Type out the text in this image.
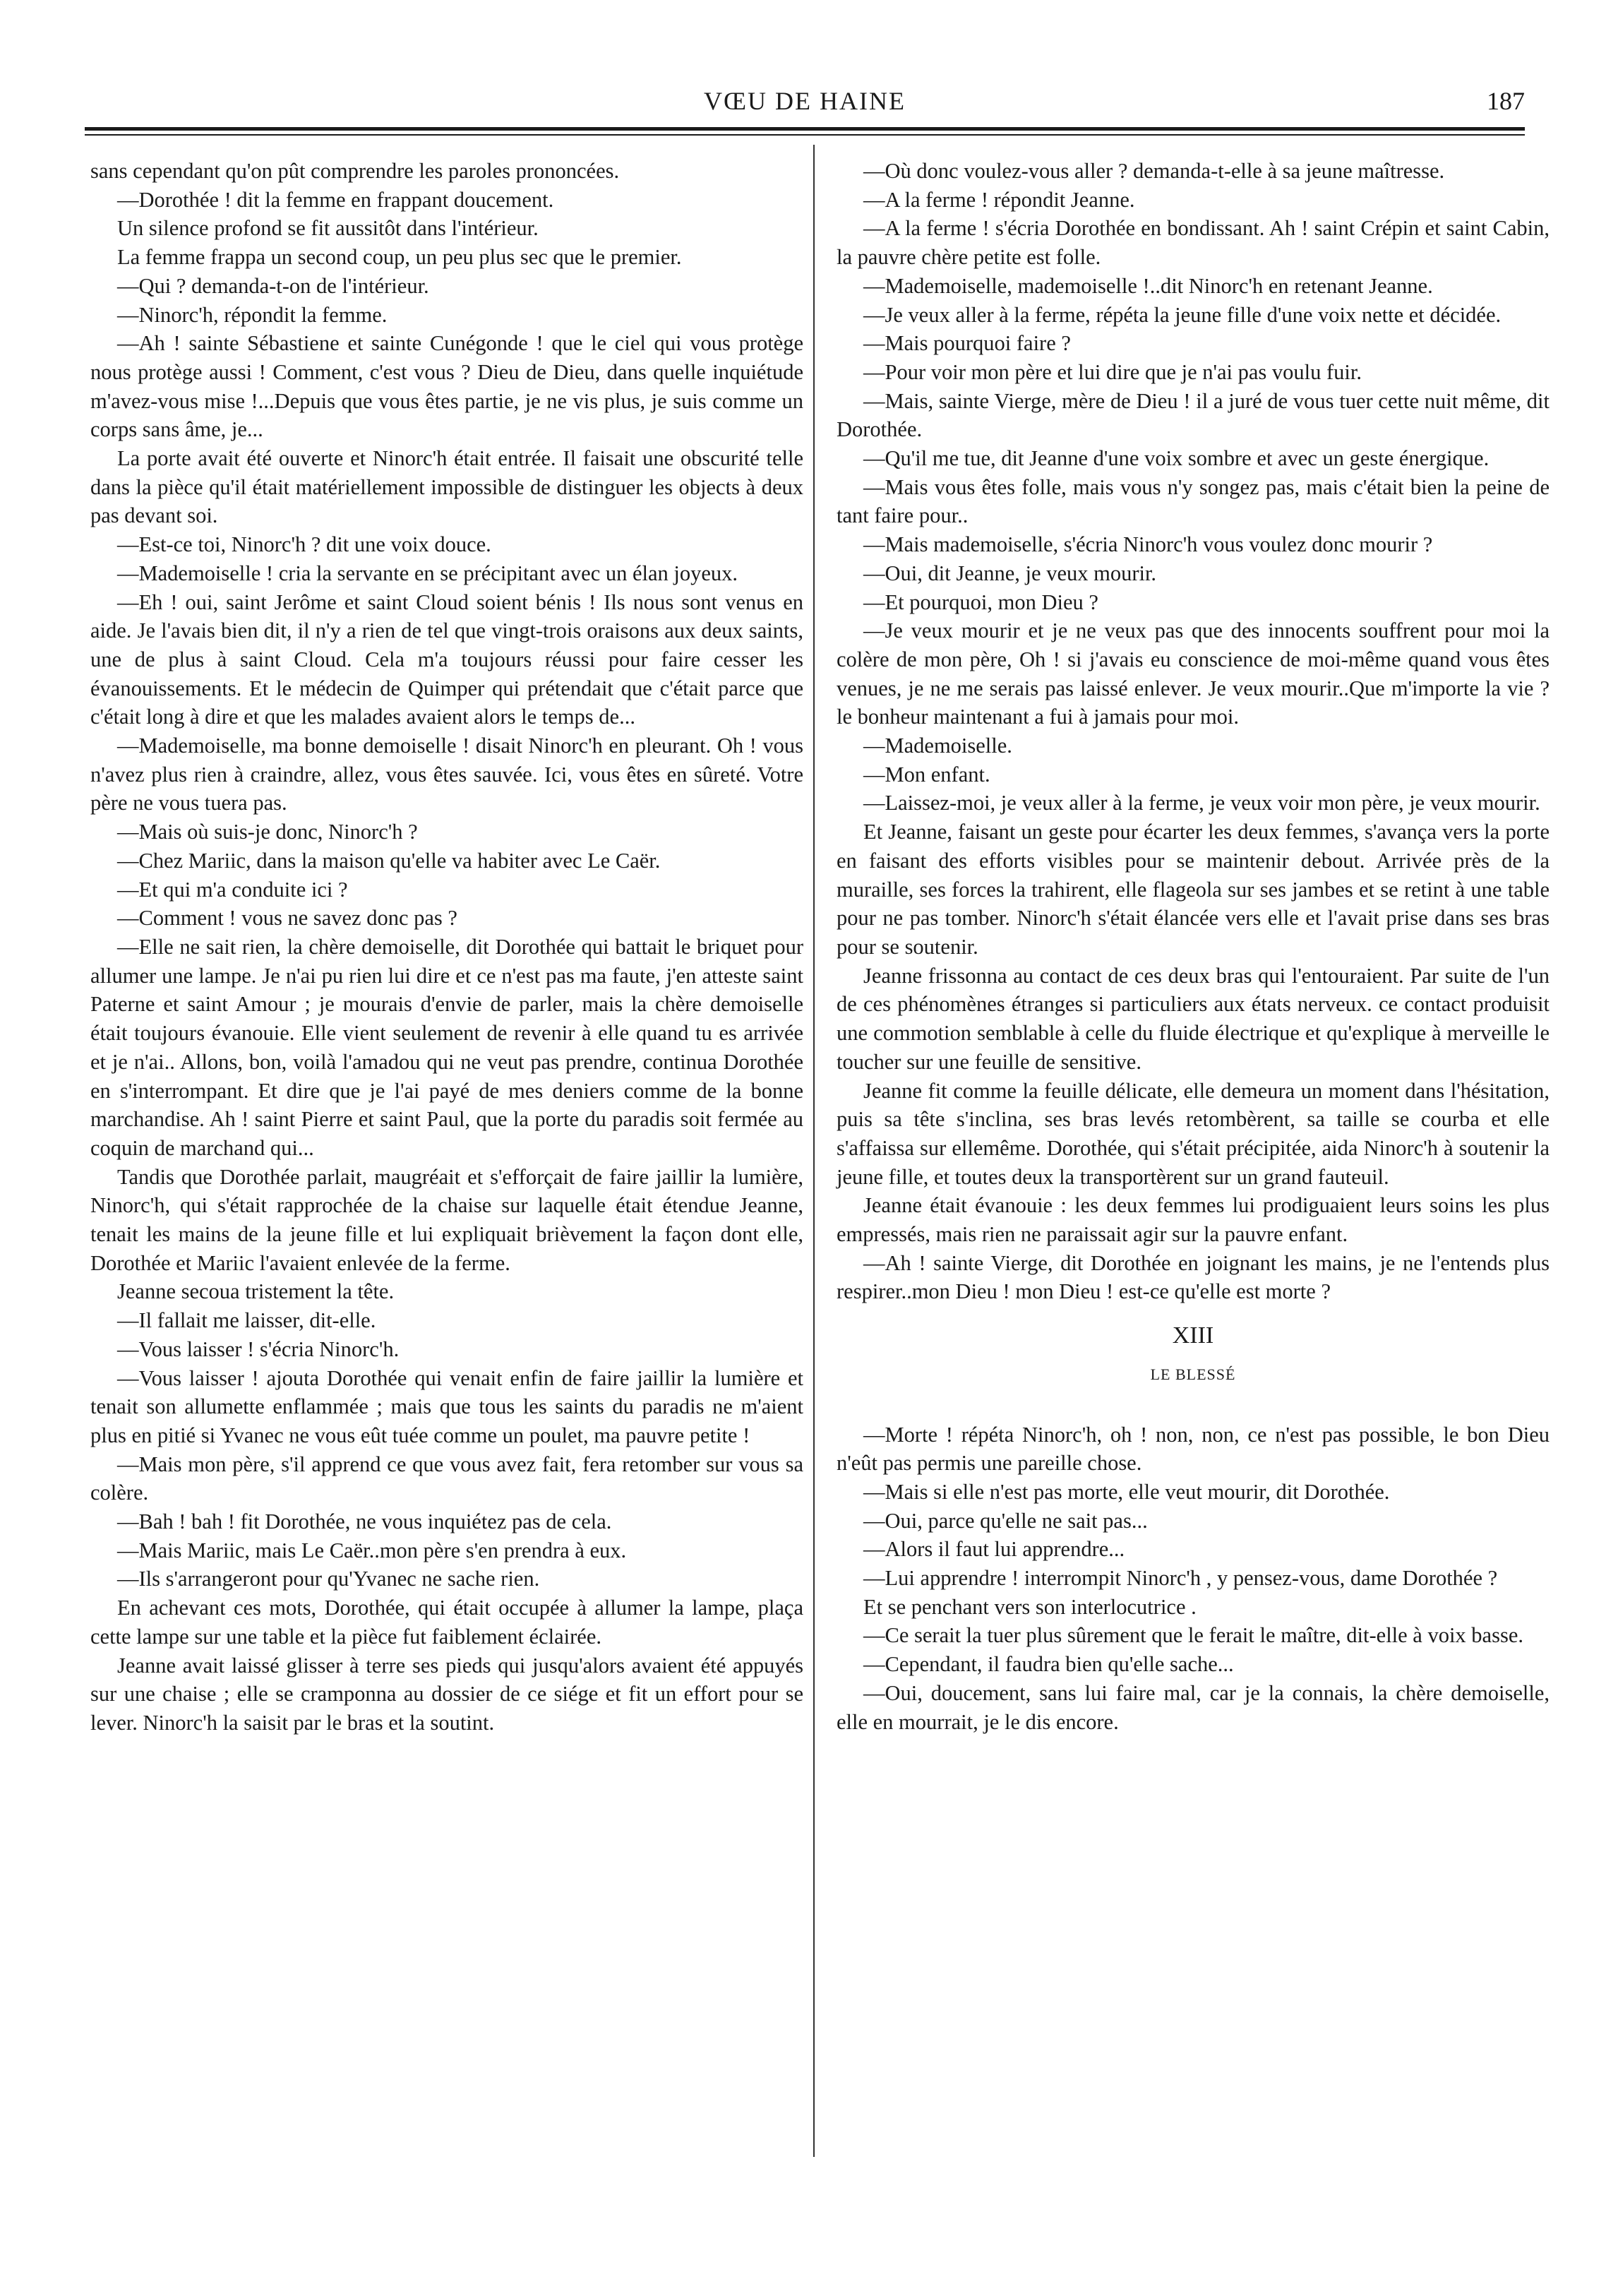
VŒU DE HAINE	187

sans cependant qu'on pût comprendre les paroles prononcées.

—Dorothée ! dit la femme en frappant doucement.

Un silence profond se fit aussitôt dans l'intérieur.

La femme frappa un second coup, un peu plus sec que le premier.

—Qui ? demanda-t-on de l'intérieur.

—Ninorc'h, répondit la femme.

—Ah ! sainte Sébastiene et sainte Cunégonde ! que le ciel qui vous protège nous protège aussi ! Comment, c'est vous ? Dieu de Dieu, dans quelle inquiétude m'avez-vous mise !...Depuis que vous êtes partie, je ne vis plus, je suis comme un corps sans âme, je...

La porte avait été ouverte et Ninorc'h était entrée. Il faisait une obscurité telle dans la pièce qu'il était matériellement impossible de distinguer les objects à deux pas devant soi.

—Est-ce toi, Ninorc'h ? dit une voix douce.

—Mademoiselle ! cria la servante en se précipitant avec un élan joyeux.

—Eh ! oui, saint Jerôme et saint Cloud soient bénis ! Ils nous sont venus en aide. Je l'avais bien dit, il n'y a rien de tel que vingt-trois oraisons aux deux saints, une de plus à saint Cloud. Cela m'a toujours réussi pour faire cesser les évanouissements. Et le médecin de Quimper qui prétendait que c'était parce que c'était long à dire et que les malades avaient alors le temps de...

—Mademoiselle, ma bonne demoiselle ! disait Ninorc'h en pleurant. Oh ! vous n'avez plus rien à craindre, allez, vous êtes sauvée. Ici, vous êtes en sûreté. Votre père ne vous tuera pas.

—Mais où suis-je donc, Ninorc'h ?

—Chez Mariic, dans la maison qu'elle va habiter avec Le Caër.

—Et qui m'a conduite ici ?

—Comment ! vous ne savez donc pas ?

—Elle ne sait rien, la chère demoiselle, dit Dorothée qui battait le briquet pour allumer une lampe. Je n'ai pu rien lui dire et ce n'est pas ma faute, j'en atteste saint Paterne et saint Amour ; je mourais d'envie de parler, mais la chère demoiselle était toujours évanouie. Elle vient seulement de revenir à elle quand tu es arrivée et je n'ai.. Allons, bon, voilà l'amadou qui ne veut pas prendre, continua Dorothée en s'interrompant. Et dire que je l'ai payé de mes deniers comme de la bonne marchandise. Ah ! saint Pierre et saint Paul, que la porte du paradis soit fermée au coquin de marchand qui...

Tandis que Dorothée parlait, maugréait et s'efforçait de faire jaillir la lumière, Ninorc'h, qui s'était rapprochée de la chaise sur laquelle était étendue Jeanne, tenait les mains de la jeune fille et lui expliquait brièvement la façon dont elle, Dorothée et Mariic l'avaient enlevée de la ferme.

Jeanne secoua tristement la tête.

—Il fallait me laisser, dit-elle.

—Vous laisser ! s'écria Ninorc'h.

—Vous laisser ! ajouta Dorothée qui venait enfin de faire jaillir la lumière et tenait son allumette enflammée ; mais que tous les saints du paradis ne m'aient plus en pitié si Yvanec ne vous eût tuée comme un poulet, ma pauvre petite !

—Mais mon père, s'il apprend ce que vous avez fait, fera retomber sur vous sa colère.

—Bah ! bah ! fit Dorothée, ne vous inquiétez pas de cela.

—Mais Mariic, mais Le Caër..mon père s'en prendra à eux.

—Ils s'arrangeront pour qu'Yvanec ne sache rien.

En achevant ces mots, Dorothée, qui était occupée à allumer la lampe, plaça cette lampe sur une table et la pièce fut faiblement éclairée.

Jeanne avait laissé glisser à terre ses pieds qui jusqu'alors avaient été appuyés sur une chaise ; elle se cramponna au dossier de ce siége et fit un effort pour se lever. Ninorc'h la saisit par le bras et la soutint.

—Où donc voulez-vous aller ? demanda-t-elle à sa jeune maîtresse.

—A la ferme ! répondit Jeanne.

—A la ferme ! s'écria Dorothée en bondissant. Ah ! saint Crépin et saint Cabin, la pauvre chère petite est folle.

—Mademoiselle, mademoiselle !..dit Ninorc'h en retenant Jeanne.

—Je veux aller à la ferme, répéta la jeune fille d'une voix nette et décidée.

—Mais pourquoi faire ?

—Pour voir mon père et lui dire que je n'ai pas voulu fuir.

—Mais, sainte Vierge, mère de Dieu ! il a juré de vous tuer cette nuit même, dit Dorothée.

—Qu'il me tue, dit Jeanne d'une voix sombre et avec un geste énergique.

—Mais vous êtes folle, mais vous n'y songez pas, mais c'était bien la peine de tant faire pour..

—Mais mademoiselle, s'écria Ninorc'h vous voulez donc mourir ?

—Oui, dit Jeanne, je veux mourir.

—Et pourquoi, mon Dieu ?

—Je veux mourir et je ne veux pas que des innocents souffrent pour moi la colère de mon père, Oh ! si j'avais eu conscience de moi-même quand vous êtes venues, je ne me serais pas laissé enlever. Je veux mourir..Que m'importe la vie ? le bonheur maintenant a fui à jamais pour moi.

—Mademoiselle.

—Mon enfant.

—Laissez-moi, je veux aller à la ferme, je veux voir mon père, je veux mourir.

Et Jeanne, faisant un geste pour écarter les deux femmes, s'avança vers la porte en faisant des efforts visibles pour se maintenir debout. Arrivée près de la muraille, ses forces la trahirent, elle flageola sur ses jambes et se retint à une table pour ne pas tomber. Ninorc'h s'était élancée vers elle et l'avait prise dans ses bras pour se soutenir.

Jeanne frissonna au contact de ces deux bras qui l'entouraient. Par suite de l'un de ces phénomènes étranges si particuliers aux états nerveux. ce contact produisit une commotion semblable à celle du fluide électrique et qu'explique à merveille le toucher sur une feuille de sensitive.

Jeanne fit comme la feuille délicate, elle demeura un moment dans l'hésitation, puis sa tête s'inclina, ses bras levés retombèrent, sa taille se courba et elle s'affaissa sur ellemême. Dorothée, qui s'était précipitée, aida Ninorc'h à soutenir la jeune fille, et toutes deux la transportèrent sur un grand fauteuil.

Jeanne était évanouie : les deux femmes lui prodiguaient leurs soins les plus empressés, mais rien ne paraissait agir sur la pauvre enfant.

—Ah ! sainte Vierge, dit Dorothée en joignant les mains, je ne l'entends plus respirer..mon Dieu ! mon Dieu ! est-ce qu'elle est morte ?

XIII
LE BLESSÉ

—Morte ! répéta Ninorc'h, oh ! non, non, ce n'est pas possible, le bon Dieu n'eût pas permis une pareille chose.

—Mais si elle n'est pas morte, elle veut mourir, dit Dorothée.

—Oui, parce qu'elle ne sait pas...

—Alors il faut lui apprendre...

—Lui apprendre ! interrompit Ninorc'h , y pensez-vous, dame Dorothée ?

Et se penchant vers son interlocutrice .

—Ce serait la tuer plus sûrement que le ferait le maître, dit-elle à voix basse.

—Cependant, il faudra bien qu'elle sache...

—Oui, doucement, sans lui faire mal, car je la connais, la chère demoiselle, elle en mourrait, je le dis encore.
